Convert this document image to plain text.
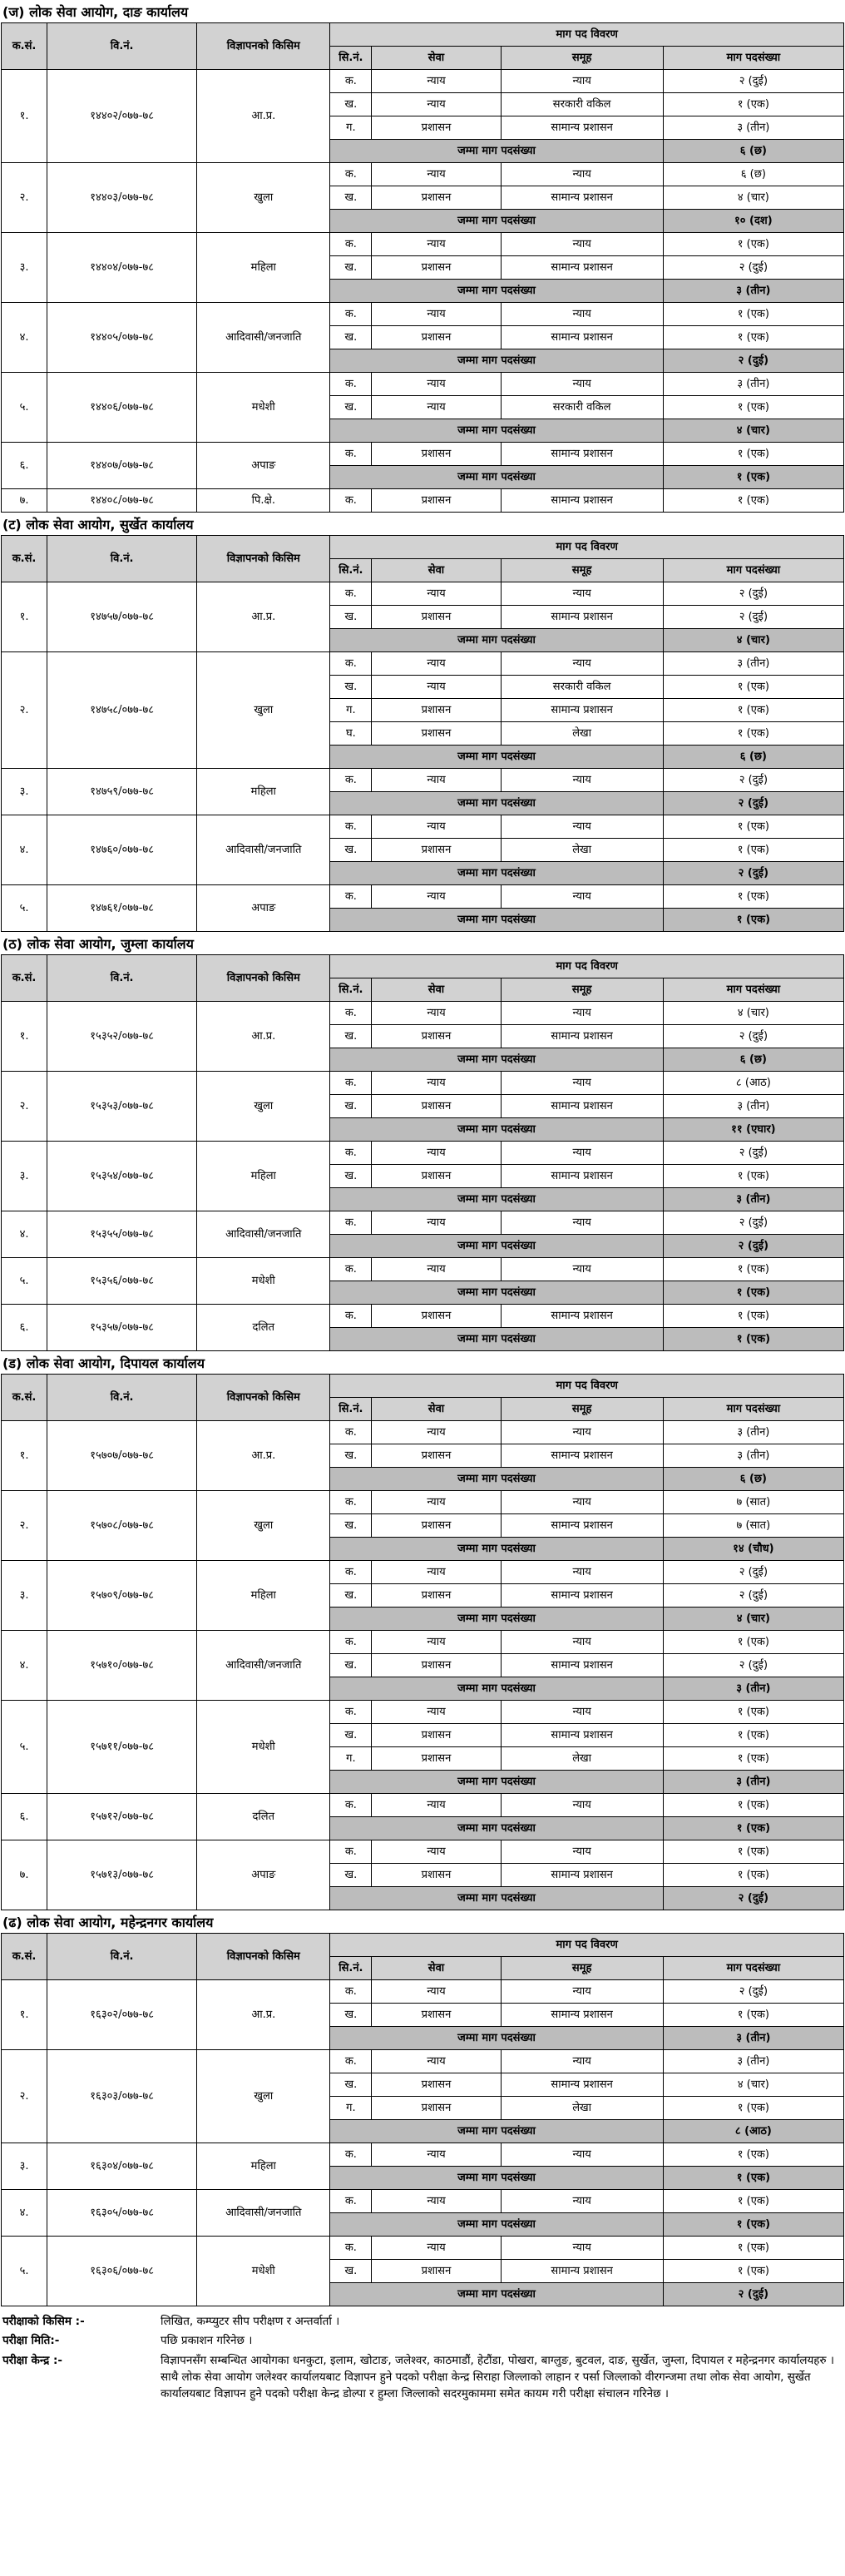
(ज) लोक सेवा आयोग, दाङ कार्यालय
क.सं.	वि.नं.	विज्ञापनको किसिम	माग पद विवरण			
			सि.नं.	सेवा	समूह	माग पदसंख्या
१.	१४४०२/०७७-७८	आ.प्र.	क.	न्याय	न्याय	२ (दुई)
			ख.	न्याय	सरकारी वकिल	१ (एक)
			ग.	प्रशासन	सामान्य प्रशासन	३ (तीन)
			जम्मा माग पदसंख्या			६ (छ)
२.	१४४०३/०७७-७८	खुला	क.	न्याय	न्याय	६ (छ)
			ख.	प्रशासन	सामान्य प्रशासन	४ (चार)
			जम्मा माग पदसंख्या			१० (दश)
३.	१४४०४/०७७-७८	महिला	क.	न्याय	न्याय	१ (एक)
			ख.	प्रशासन	सामान्य प्रशासन	२ (दुई)
			जम्मा माग पदसंख्या			३ (तीन)
४.	१४४०५/०७७-७८	आदिवासी/जनजाति	क.	न्याय	न्याय	१ (एक)
			ख.	प्रशासन	सामान्य प्रशासन	१ (एक)
			जम्मा माग पदसंख्या			२ (दुई)
५.	१४४०६/०७७-७८	मधेशी	क.	न्याय	न्याय	३ (तीन)
			ख.	न्याय	सरकारी वकिल	१ (एक)
			जम्मा माग पदसंख्या			४ (चार)
६.	१४४०७/०७७-७८	अपाङ	क.	प्रशासन	सामान्य प्रशासन	१ (एक)
			जम्मा माग पदसंख्या			१ (एक)
७.	१४४०८/०७७-७८	पि.क्षे.	क.	प्रशासन	सामान्य प्रशासन	१ (एक)
(ट) लोक सेवा आयोग, सुर्खेत कार्यालय
क.सं.	वि.नं.	विज्ञापनको किसिम	माग पद विवरण			
			सि.नं.	सेवा	समूह	माग पदसंख्या
१.	१४७५७/०७७-७८	आ.प्र.	क.	न्याय	न्याय	२ (दुई)
			ख.	प्रशासन	सामान्य प्रशासन	२ (दुई)
			जम्मा माग पदसंख्या			४ (चार)
२.	१४७५८/०७७-७८	खुला	क.	न्याय	न्याय	३ (तीन)
			ख.	न्याय	सरकारी वकिल	१ (एक)
			ग.	प्रशासन	सामान्य प्रशासन	१ (एक)
			घ.	प्रशासन	लेखा	१ (एक)
			जम्मा माग पदसंख्या			६ (छ)
३.	१४७५९/०७७-७८	महिला	क.	न्याय	न्याय	२ (दुई)
			जम्मा माग पदसंख्या			२ (दुई)
४.	१४७६०/०७७-७८	आदिवासी/जनजाति	क.	न्याय	न्याय	१ (एक)
			ख.	प्रशासन	लेखा	१ (एक)
			जम्मा माग पदसंख्या			२ (दुई)
५.	१४७६१/०७७-७८	अपाङ	क.	न्याय	न्याय	१ (एक)
			जम्मा माग पदसंख्या			१ (एक)
(ठ) लोक सेवा आयोग, जुम्ला कार्यालय
क.सं.	वि.नं.	विज्ञापनको किसिम	माग पद विवरण			
			सि.नं.	सेवा	समूह	माग पदसंख्या
१.	१५३५२/०७७-७८	आ.प्र.	क.	न्याय	न्याय	४ (चार)
			ख.	प्रशासन	सामान्य प्रशासन	२ (दुई)
			जम्मा माग पदसंख्या			६ (छ)
२.	१५३५३/०७७-७८	खुला	क.	न्याय	न्याय	८ (आठ)
			ख.	प्रशासन	सामान्य प्रशासन	३ (तीन)
			जम्मा माग पदसंख्या			११ (एघार)
३.	१५३५४/०७७-७८	महिला	क.	न्याय	न्याय	२ (दुई)
			ख.	प्रशासन	सामान्य प्रशासन	१ (एक)
			जम्मा माग पदसंख्या			३ (तीन)
४.	१५३५५/०७७-७८	आदिवासी/जनजाति	क.	न्याय	न्याय	२ (दुई)
			जम्मा माग पदसंख्या			२ (दुई)
५.	१५३५६/०७७-७८	मधेशी	क.	न्याय	न्याय	१ (एक)
			जम्मा माग पदसंख्या			१ (एक)
६.	१५३५७/०७७-७८	दलित	क.	प्रशासन	सामान्य प्रशासन	१ (एक)
			जम्मा माग पदसंख्या			१ (एक)
(ड) लोक सेवा आयोग, दिपायल कार्यालय
क.सं.	वि.नं.	विज्ञापनको किसिम	माग पद विवरण			
			सि.नं.	सेवा	समूह	माग पदसंख्या
१.	१५७०७/०७७-७८	आ.प्र.	क.	न्याय	न्याय	३ (तीन)
			ख.	प्रशासन	सामान्य प्रशासन	३ (तीन)
			जम्मा माग पदसंख्या			६ (छ)
२.	१५७०८/०७७-७८	खुला	क.	न्याय	न्याय	७ (सात)
			ख.	प्रशासन	सामान्य प्रशासन	७ (सात)
			जम्मा माग पदसंख्या			१४ (चौध)
३.	१५७०९/०७७-७८	महिला	क.	न्याय	न्याय	२ (दुई)
			ख.	प्रशासन	सामान्य प्रशासन	२ (दुई)
			जम्मा माग पदसंख्या			४ (चार)
४.	१५७१०/०७७-७८	आदिवासी/जनजाति	क.	न्याय	न्याय	१ (एक)
			ख.	प्रशासन	सामान्य प्रशासन	२ (दुई)
			जम्मा माग पदसंख्या			३ (तीन)
५.	१५७११/०७७-७८	मधेशी	क.	न्याय	न्याय	१ (एक)
			ख.	प्रशासन	सामान्य प्रशासन	१ (एक)
			ग.	प्रशासन	लेखा	१ (एक)
			जम्मा माग पदसंख्या			३ (तीन)
६.	१५७१२/०७७-७८	दलित	क.	न्याय	न्याय	१ (एक)
			जम्मा माग पदसंख्या			१ (एक)
७.	१५७१३/०७७-७८	अपाङ	क.	न्याय	न्याय	१ (एक)
			ख.	प्रशासन	सामान्य प्रशासन	१ (एक)
			जम्मा माग पदसंख्या			२ (दुई)
(ढ) लोक सेवा आयोग, महेन्द्रनगर कार्यालय
क.सं.	वि.नं.	विज्ञापनको किसिम	माग पद विवरण			
			सि.नं.	सेवा	समूह	माग पदसंख्या
१.	१६३०२/०७७-७८	आ.प्र.	क.	न्याय	न्याय	२ (दुई)
			ख.	प्रशासन	सामान्य प्रशासन	१ (एक)
			जम्मा माग पदसंख्या			३ (तीन)
२.	१६३०३/०७७-७८	खुला	क.	न्याय	न्याय	३ (तीन)
			ख.	प्रशासन	सामान्य प्रशासन	४ (चार)
			ग.	प्रशासन	लेखा	१ (एक)
			जम्मा माग पदसंख्या			८ (आठ)
३.	१६३०४/०७७-७८	महिला	क.	न्याय	न्याय	१ (एक)
			जम्मा माग पदसंख्या			१ (एक)
४.	१६३०५/०७७-७८	आदिवासी/जनजाति	क.	न्याय	न्याय	१ (एक)
			जम्मा माग पदसंख्या			१ (एक)
५.	१६३०६/०७७-७८	मधेशी	क.	न्याय	न्याय	१ (एक)
			ख.	प्रशासन	सामान्य प्रशासन	१ (एक)
			जम्मा माग पदसंख्या			२ (दुई)
परीक्षाको किसिम :-	लिखित, कम्प्युटर सीप परीक्षण र अन्तर्वार्ता ।
परीक्षा मिति:-	पछि प्रकाशन गरिनेछ ।
परीक्षा केन्द्र :-	विज्ञापनसँग सम्बन्धित आयोगका धनकुटा, इलाम, खोटाङ, जलेश्वर, काठमाडौं, हेटौंडा, पोखरा, बाग्लुङ, बुटवल, दाङ, सुर्खेत, जुम्ला, दिपायल र महेन्द्रनगर कार्यालयहरु । साथै लोक सेवा आयोग जलेश्वर कार्यालयबाट विज्ञापन हुने पदको परीक्षा केन्द्र सिराहा जिल्लाको लाहान र पर्सा जिल्लाको वीरगन्जमा तथा लोक सेवा आयोग, सुर्खेत कार्यालयबाट विज्ञापन हुने पदको परीक्षा केन्द्र डोल्पा र हुम्ला जिल्लाको सदरमुकाममा समेत कायम गरी परीक्षा संचालन गरिनेछ ।
